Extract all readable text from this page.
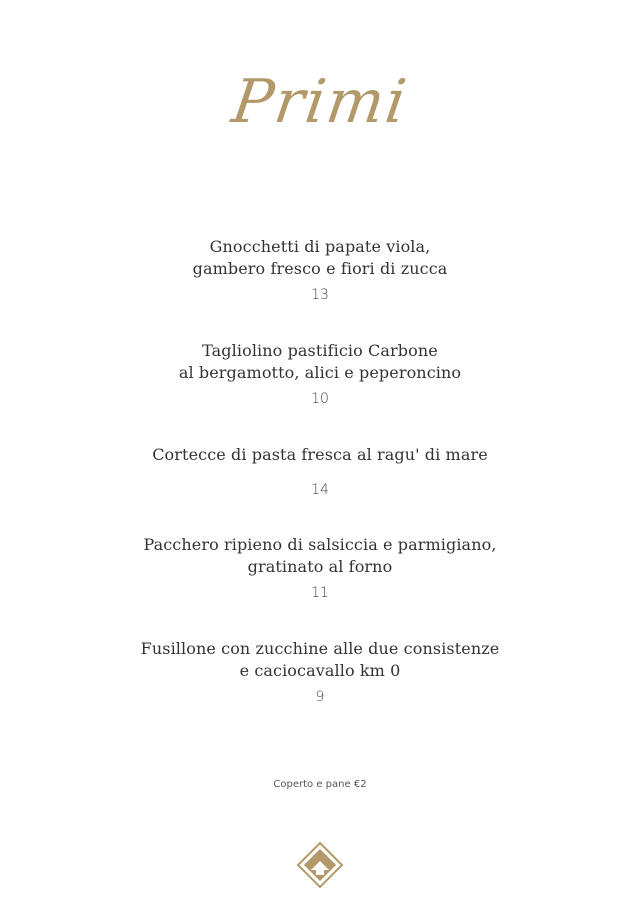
Primi
Gnocchetti di papate viola,
gambero fresco e fiori di zucca
13
Tagliolino pastificio Carbone
al bergamotto, alici e peperoncino
10
Cortecce di pasta fresca al ragu' di mare
14
Pacchero ripieno di salsiccia e parmigiano,
gratinato al forno
11
Fusillone con zucchine alle due consistenze
e caciocavallo km 0
9
Coperto e pane €2
